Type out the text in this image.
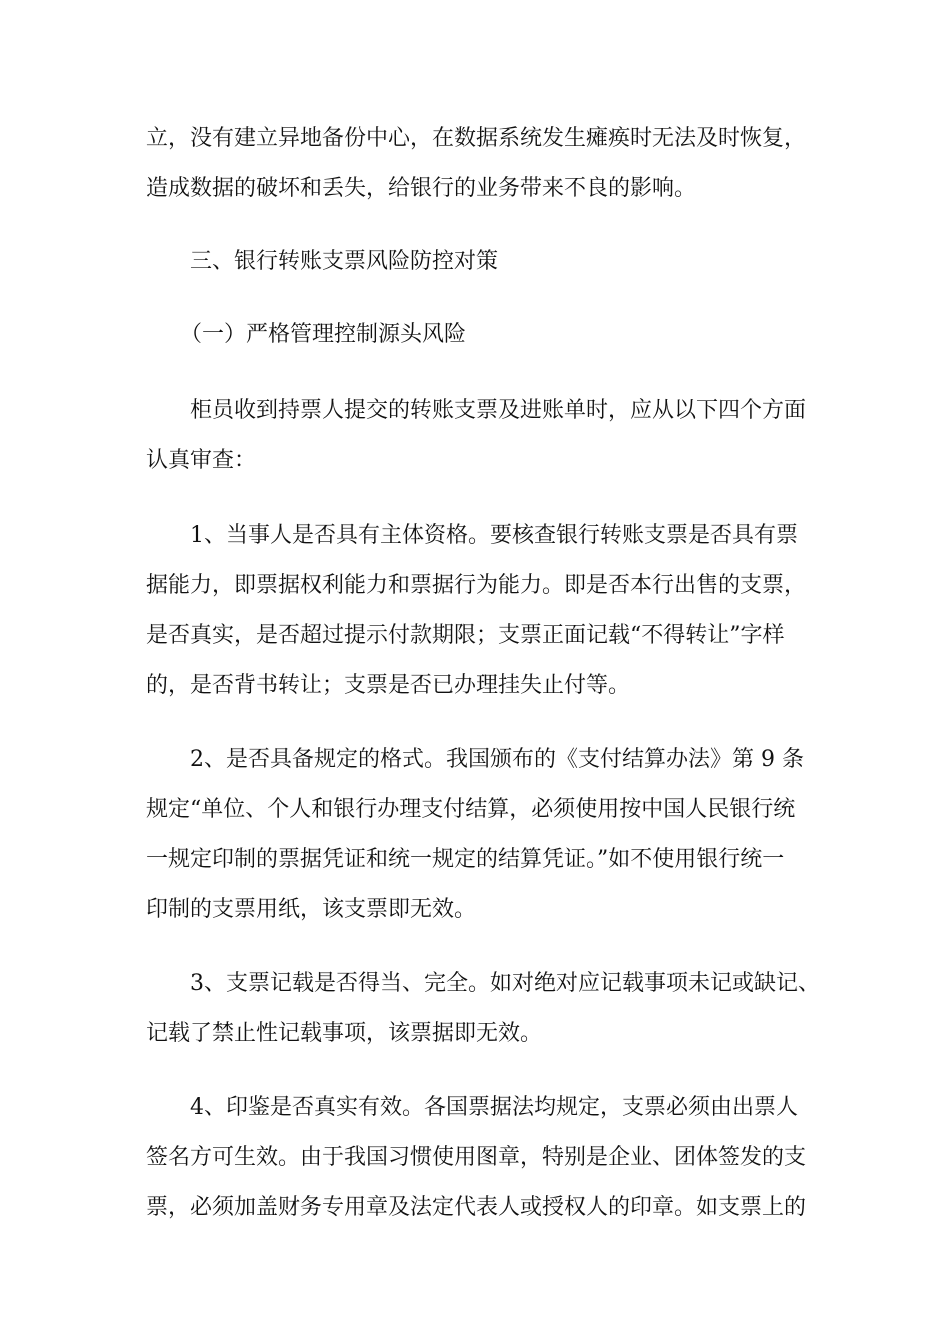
立，没有建立异地备份中心，在数据系统发生瘫痪时无法及时恢复，
造成数据的破坏和丢失，给银行的业务带来不良的影响。
三、银行转账支票风险防控对策
（一）严格管理控制源头风险
柜员收到持票人提交的转账支票及进账单时，应从以下四个方面
认真审查：
1、当事人是否具有主体资格。要核查银行转账支票是否具有票
据能力，即票据权利能力和票据行为能力。即是否本行出售的支票，
是否真实，是否超过提示付款期限；支票正面记载“不得转让”字样
的，是否背书转让；支票是否已办理挂失止付等。
2、是否具备规定的格式。我国颁布的《支付结算办法》第 9 条
规定“单位、个人和银行办理支付结算，必须使用按中国人民银行统
一规定印制的票据凭证和统一规定的结算凭证。”如不使用银行统一
印制的支票用纸，该支票即无效。
3、支票记载是否得当、完全。如对绝对应记载事项未记或缺记、
记载了禁止性记载事项，该票据即无效。
4、印鉴是否真实有效。各国票据法均规定，支票必须由出票人
签名方可生效。由于我国习惯使用图章，特别是企业、团体签发的支
票，必须加盖财务专用章及法定代表人或授权人的印章。如支票上的
